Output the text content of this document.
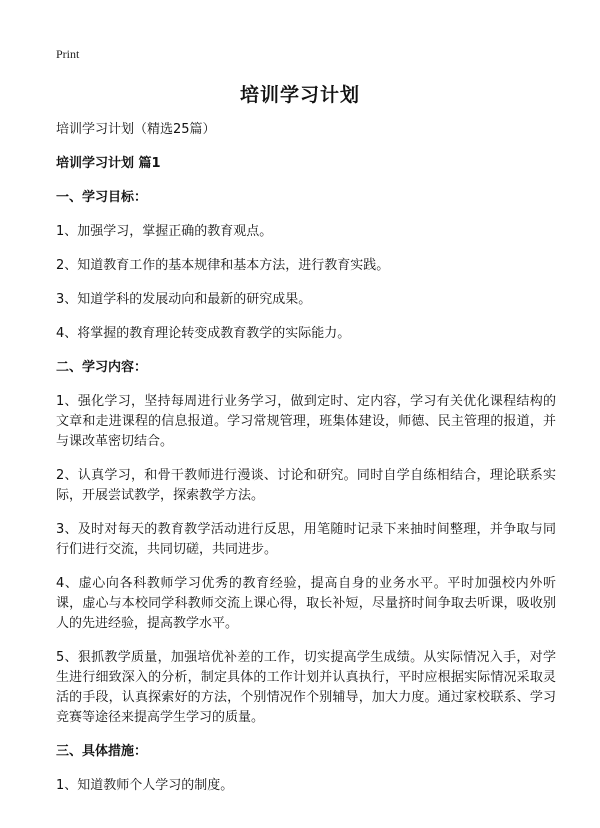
Print
培训学习计划

培训学习计划（精选25篇）

培训学习计划 篇1

一、学习目标：

1、加强学习，掌握正确的教育观点。

2、知道教育工作的基本规律和基本方法，进行教育实践。

3、知道学科的发展动向和最新的研究成果。

4、将掌握的教育理论转变成教育教学的实际能力。

二、学习内容：

1、强化学习，坚持每周进行业务学习，做到定时、定内容，学习有关优化课程结构的文章和走进课程的信息报道。学习常规管理，班集体建设，师德、民主管理的报道，并与课改革密切结合。

2、认真学习，和骨干教师进行漫谈、讨论和研究。同时自学自练相结合，理论联系实际，开展尝试教学，探索教学方法。

3、及时对每天的教育教学活动进行反思，用笔随时记录下来抽时间整理，并争取与同行们进行交流，共同切磋，共同进步。

4、虚心向各科教师学习优秀的教育经验，提高自身的业务水平。平时加强校内外听课，虚心与本校同学科教师交流上课心得，取长补短，尽量挤时间争取去听课，吸收别人的先进经验，提高教学水平。

5、狠抓教学质量，加强培优补差的工作，切实提高学生成绩。从实际情况入手，对学生进行细致深入的分析，制定具体的工作计划并认真执行，平时应根据实际情况采取灵活的手段，认真探索好的方法，个别情况作个别辅导，加大力度。通过家校联系、学习竞赛等途径来提高学生学习的质量。

三、具体措施：

1、知道教师个人学习的制度。
